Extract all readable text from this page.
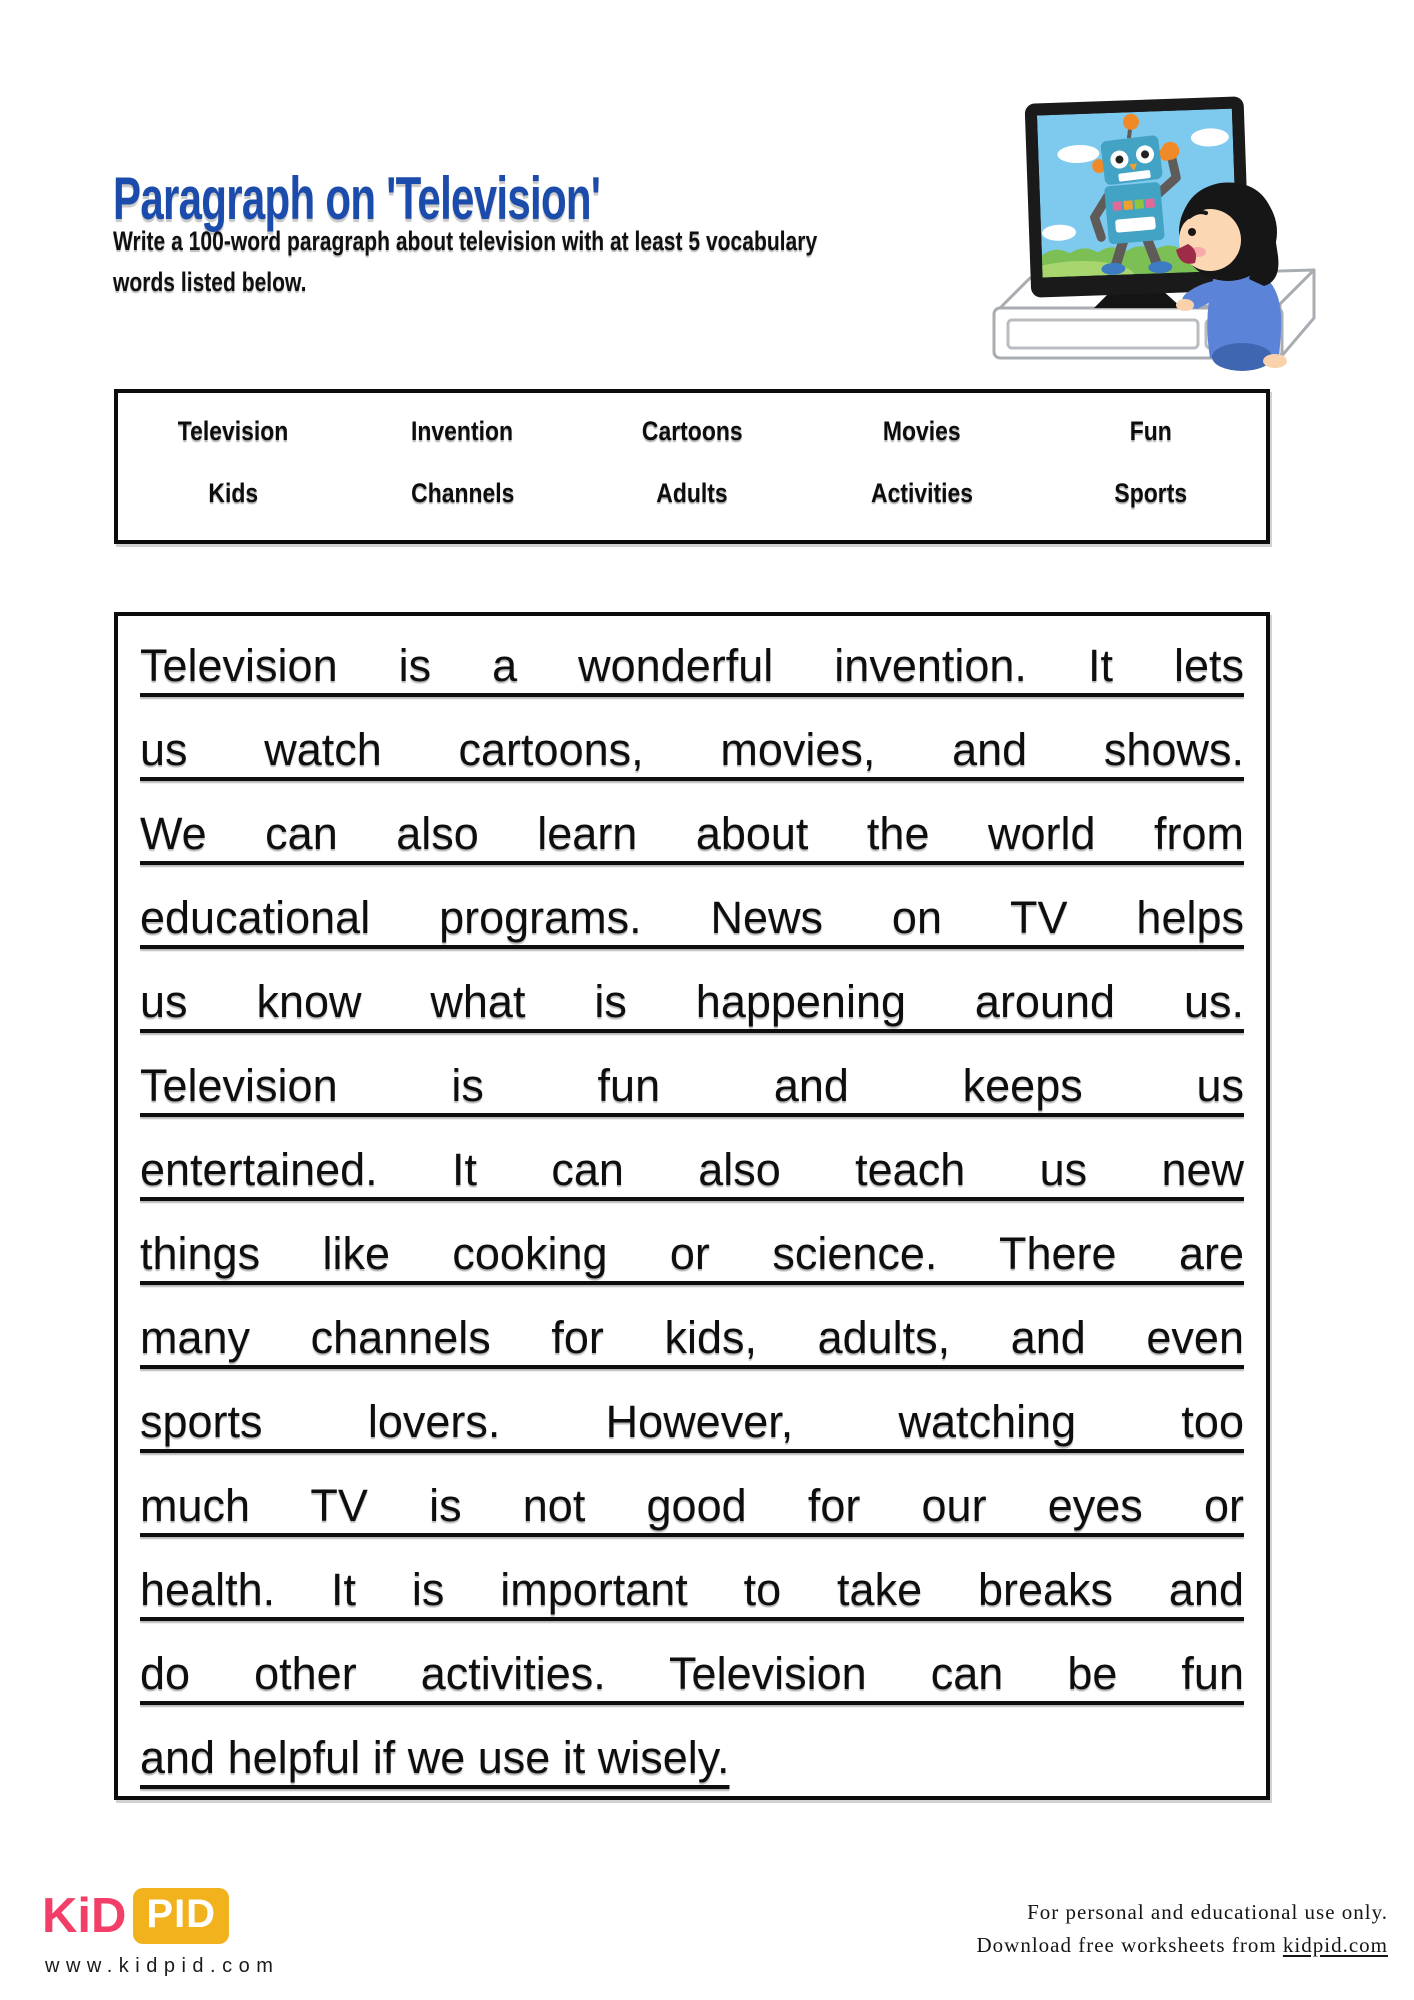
Paragraph on 'Television'

Write a 100-word paragraph about television with at least 5 vocabulary words listed below.

Television	Invention	Cartoons	Movies	Fun
Kids	Channels	Adults	Activities	Sports
Television is a wonderful invention. It lets
us watch cartoons, movies, and shows.
We can also learn about the world from
educational programs. News on TV helps
us know what is happening around us.
Television is fun and keeps us
entertained. It can also teach us new
things like cooking or science. There are
many channels for kids, adults, and even
sports lovers. However, watching too
much TV is not good for our eyes or
health. It is important to take breaks and
do other activities. Television can be fun
and helpful if we use it wisely.
KiD PID
www.kidpid.com
For personal and educational use only.
Download free worksheets from kidpid.com
